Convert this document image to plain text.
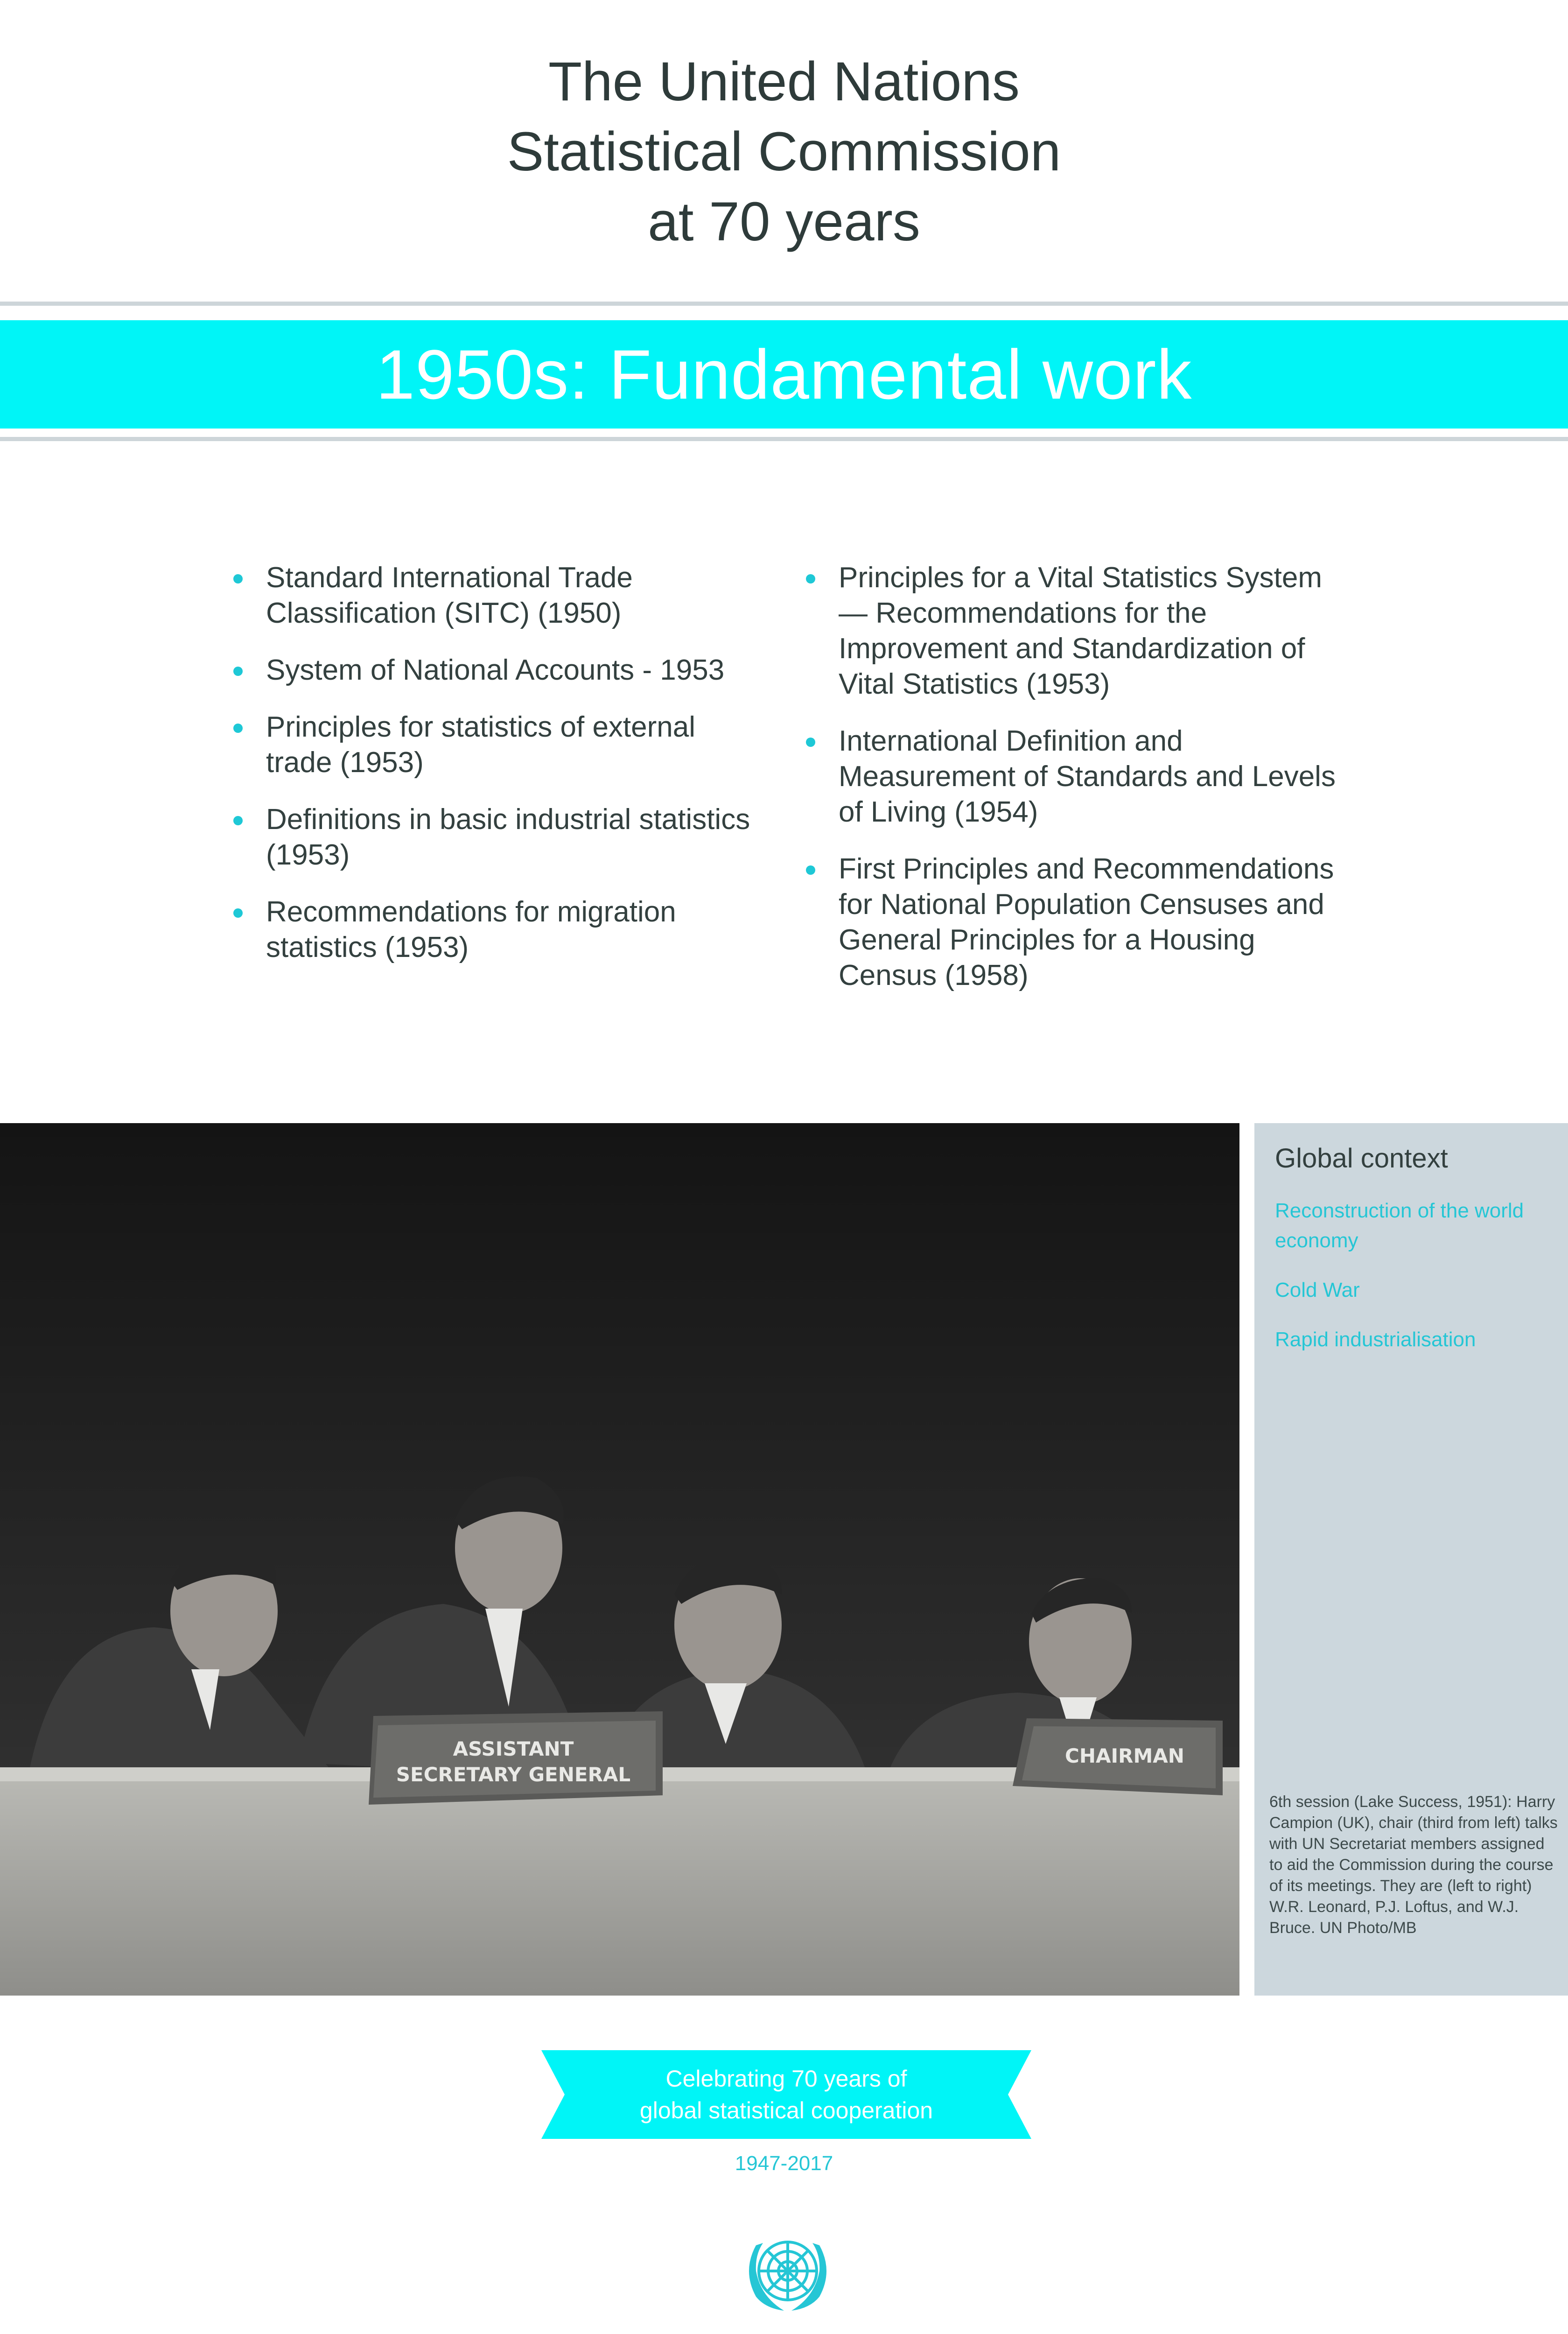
The United Nations
Statistical Commission
at 70 years
1950s: Fundamental work
Standard International Trade Classification (SITC) (1950)
System of National Accounts - 1953
Principles for statistics of external trade (1953)
Definitions in basic industrial statistics (1953)
Recommendations for migration statistics (1953)
Principles for a Vital Statistics System — Recommendations for the Improvement and Standardization of Vital Statistics (1953)
International Definition and Measurement of Standards and Levels of Living (1954)
First Principles and Recommendations for National Population Censuses and General Principles for a Housing Census (1958)
ASSISTANT
SECRETARY GENERAL
CHAIRMAN
Global context
Reconstruction of the world economy
Cold War
Rapid industrialisation
6th session (Lake Success, 1951): Harry Campion (UK), chair (third from left) talks with UN Secretariat members assigned to aid the Commission during the course of its meetings. They are (left to right) W.R. Leonard, P.J. Loftus, and W.J. Bruce. UN Photo/MB
Celebrating 70 years of
global statistical cooperation
1947-2017
